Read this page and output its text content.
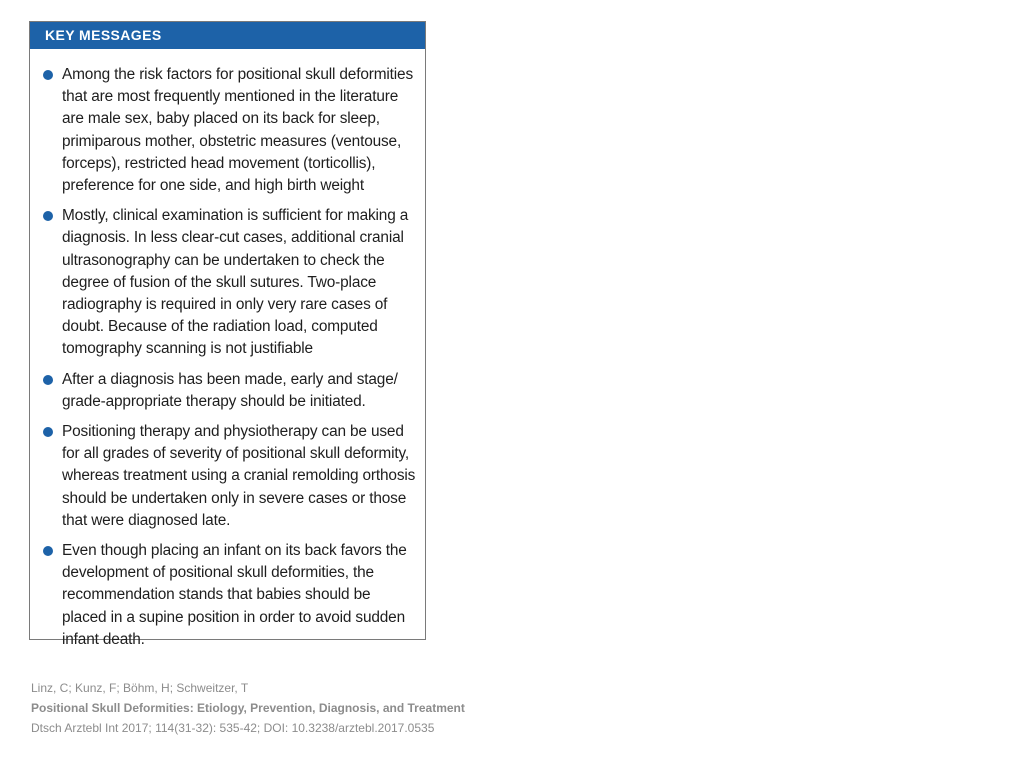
KEY MESSAGES
Among the risk factors for positional skull deformities that are most frequently mentioned in the literature are male sex, baby placed on its back for sleep, primiparous mother, obstetric measures (ventouse, forceps), restricted head movement (torticollis), preference for one side, and high birth weight
Mostly, clinical examination is sufficient for making a diagnosis. In less clear-cut cases, additional cranial ultrasonography can be undertaken to check the degree of fusion of the skull sutures. Two-place radiography is required in only very rare cases of doubt. Because of the radiation load, computed tomography scanning is not justifiable
After a diagnosis has been made, early and stage/ grade-appropriate therapy should be initiated.
Positioning therapy and physiotherapy can be used for all grades of severity of positional skull deformity, whereas treatment using a cranial remolding orthosis should be undertaken only in severe cases or those that were diagnosed late.
Even though placing an infant on its back favors the development of positional skull deformities, the recommendation stands that babies should be placed in a supine position in order to avoid sudden infant death.
Linz, C; Kunz, F; Böhm, H; Schweitzer, T
Positional Skull Deformities: Etiology, Prevention, Diagnosis, and Treatment
Dtsch Arztebl Int 2017; 114(31-32): 535-42; DOI: 10.3238/arztebl.2017.0535
